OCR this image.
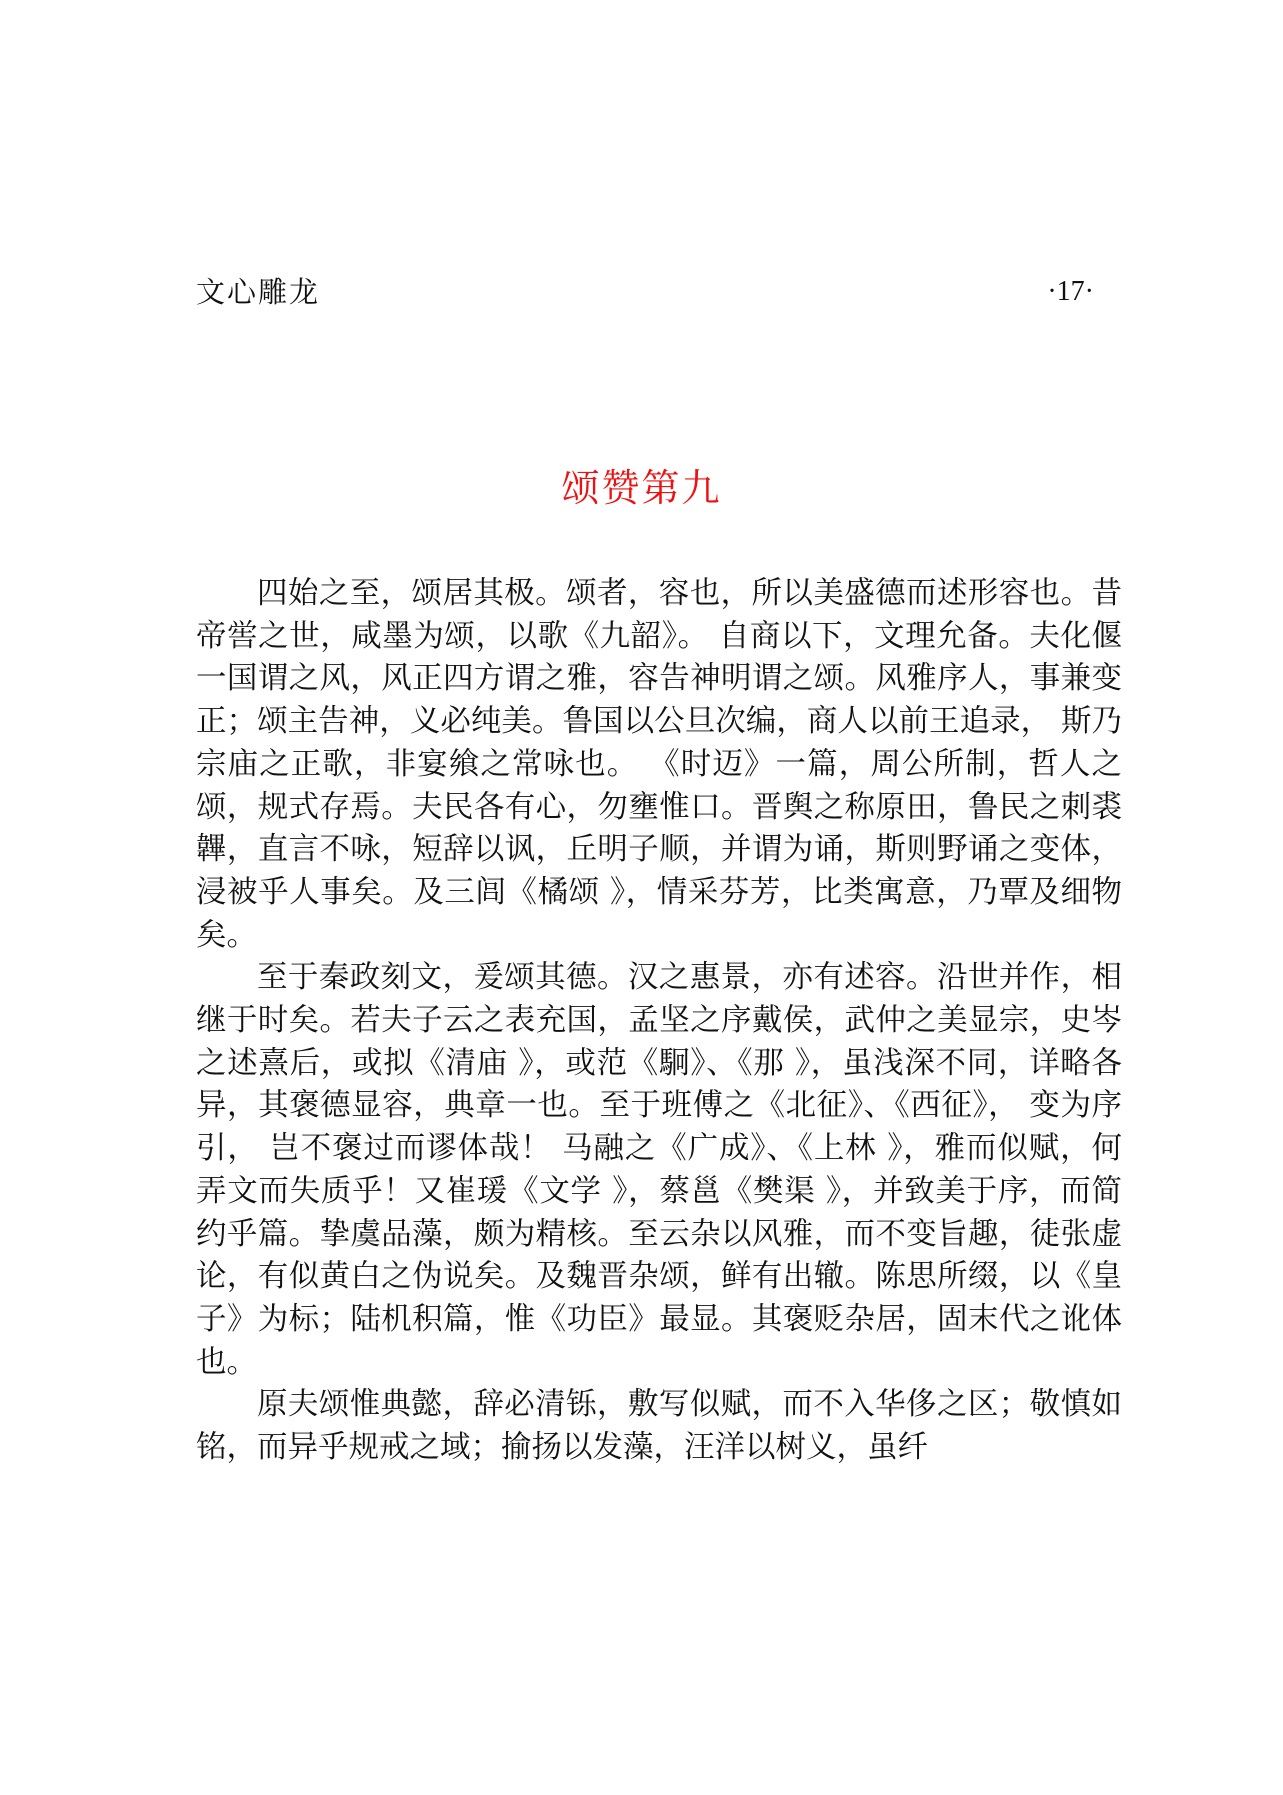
文心雕龙	·17·
颂赞第九

四始之至，颂居其极。颂者，容也，所以美盛德而述形容也。昔帝喾之世，咸墨为颂，以歌《九韶》。 自商以下，文理允备。夫化偃一国谓之风，风正四方谓之雅，容告神明谓之颂。风雅序人，事兼变正；颂主告神，义必纯美。鲁国以公旦次编，商人以前王追录， 斯乃宗庙之正歌，非宴飨之常咏也。 《时迈》一篇，周公所制，哲人之颂，规式存焉。夫民各有心，勿壅惟口。晋舆之称原田，鲁民之刺裘韠，直言不咏，短辞以讽，丘明子顺，并谓为诵，斯则野诵之变体，浸被乎人事矣。及三闾《橘颂 》，情采芬芳，比类寓意，乃覃及细物矣。

至于秦政刻文，爰颂其德。汉之惠景，亦有述容。沿世并作，相继于时矣。若夫子云之表充国，孟坚之序戴侯，武仲之美显宗，史岑之述熹后，或拟《清庙 》，或范《駉》、《那 》，虽浅深不同，详略各异，其褒德显容，典章一也。至于班傅之《北征》、《西征》， 变为序引， 岂不褒过而谬体哉！ 马融之《广成》、《上林 》，雅而似赋，何弄文而失质乎！又崔瑗《文学 》，蔡邕《樊渠 》，并致美于序，而简约乎篇。挚虞品藻，颇为精核。至云杂以风雅，而不变旨趣，徒张虚论，有似黄白之伪说矣。及魏晋杂颂，鲜有出辙。陈思所缀，以《皇子》为标；陆机积篇，惟《功臣》最显。其褒贬杂居，固末代之讹体也。

原夫颂惟典懿，辞必清铄，敷写似赋，而不入华侈之区；敬慎如铭，而异乎规戒之域；揄扬以发藻，汪洋以树义，虽纤
